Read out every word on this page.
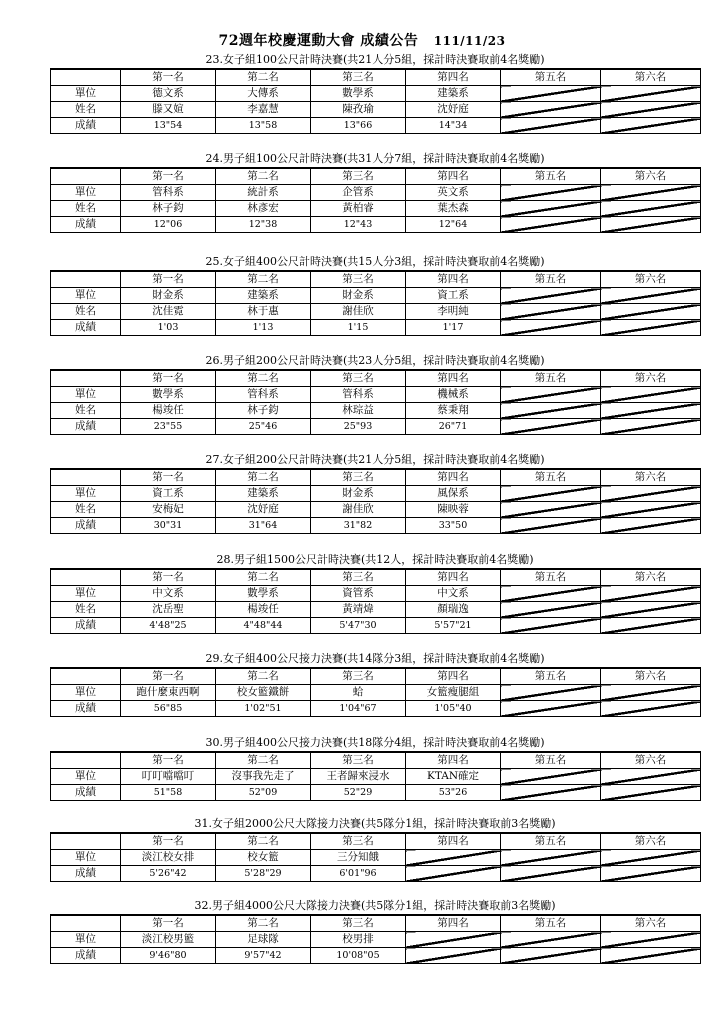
72週年校慶運動大會 成績公告 111/11/23
23.女子組100公尺計時決賽(共21人分5組，採計時決賽取前4名獎勵)
	第一名	第二名	第三名	第四名	第五名	第六名
單位	德文系	大傳系	數學系	建築系		
姓名	滕又媗	李嘉慧	陳孜瑜	沈妤庭		
成績	13"54	13"58	13"66	14"34		
24.男子組100公尺計時決賽(共31人分7組，採計時決賽取前4名獎勵)
	第一名	第二名	第三名	第四名	第五名	第六名
單位	管科系	統計系	企管系	英文系		
姓名	林子鈞	林彥宏	黃柏睿	葉杰森		
成績	12"06	12"38	12"43	12"64		
25.女子組400公尺計時決賽(共15人分3組，採計時決賽取前4名獎勵)
	第一名	第二名	第三名	第四名	第五名	第六名
單位	財金系	建築系	財金系	資工系		
姓名	沈佳霓	林于惠	謝佳欣	李明純		
成績	1'03	1'13	1'15	1'17		
26.男子組200公尺計時決賽(共23人分5組，採計時決賽取前4名獎勵)
	第一名	第二名	第三名	第四名	第五名	第六名
單位	數學系	管科系	管科系	機械系		
姓名	楊竣任	林子鈞	林琮益	蔡秉翔		
成績	23"55	25"46	25"93	26"71		
27.女子組200公尺計時決賽(共21人分5組，採計時決賽取前4名獎勵)
	第一名	第二名	第三名	第四名	第五名	第六名
單位	資工系	建築系	財金系	風保系		
姓名	安梅妃	沈妤庭	謝佳欣	陳映蓉		
成績	30"31	31"64	31"82	33"50		
28.男子組1500公尺計時決賽(共12人，採計時決賽取前4名獎勵)
	第一名	第二名	第三名	第四名	第五名	第六名
單位	中文系	數學系	資管系	中文系		
姓名	沈岳聖	楊竣任	黃靖煒	顏瑞逸		
成績	4'48"25	4"48"44	5'47"30	5'57"21		
29.女子組400公尺接力決賽(共14隊分3組，採計時決賽取前4名獎勵)
	第一名	第二名	第三名	第四名	第五名	第六名
單位	跑什麼東西啊	校女籃鐵餅	蛤	女籃瘦腿組		
成績	56"85	1'02"51	1'04"67	1'05"40		
30.男子組400公尺接力決賽(共18隊分4組，採計時決賽取前4名獎勵)
	第一名	第二名	第三名	第四名	第五名	第六名
單位	叮叮噹噹叮	沒事我先走了	王者歸來浸水	KTAN確定		
成績	51"58	52"09	52"29	53"26		
31.女子組2000公尺大隊接力決賽(共5隊分1組，採計時決賽取前3名獎勵)
	第一名	第二名	第三名	第四名	第五名	第六名
單位	淡江校女排	校女籃	三分知餓			
成績	5'26"42	5'28"29	6'01"96			
32.男子組4000公尺大隊接力決賽(共5隊分1組，採計時決賽取前3名獎勵)
	第一名	第二名	第三名	第四名	第五名	第六名
單位	淡江校男籃	足球隊	校男排			
成績	9'46"80	9'57"42	10'08"05			
